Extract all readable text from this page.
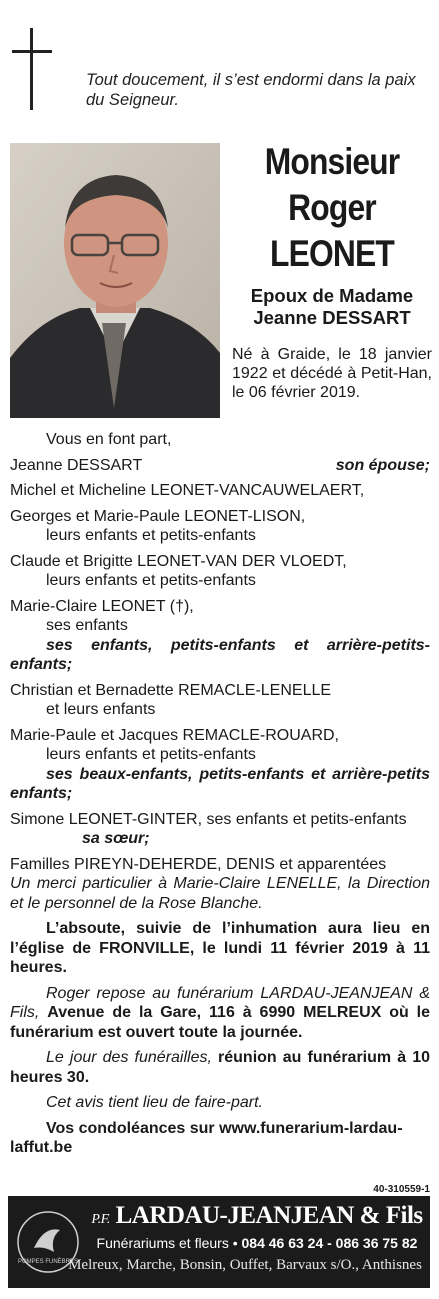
Tout doucement, il s’est endormi dans la paix du Seigneur.
Monsieur
Roger
LEONET
Epoux de Madame
Jeanne DESSART
Né à Graide, le 18 janvier 1922 et décédé à Petit-Han, le 06 février 2019.

Vous en font part,

Jeanne DESSART	son épouse;

Michel et Micheline LEONET-VANCAUWELAERT,

Georges et Marie-Paule LEONET-LISON,

leurs enfants et petits-enfants

Claude et Brigitte LEONET-VAN DER VLOEDT,

leurs enfants et petits-enfants

Marie-Claire LEONET (†),

ses enfants

ses enfants, petits-enfants et arrière-petits-enfants;

Christian et Bernadette REMACLE-LENELLE

et leurs enfants

Marie-Paule et Jacques REMACLE-ROUARD,

leurs enfants et petits-enfants

ses beaux-enfants, petits-enfants et arrière-petits enfants;

Simone LEONET-GINTER, ses enfants et petits-enfants

sa sœur;

Familles PIREYN-DEHERDE, DENIS et apparentées

Un merci particulier à Marie-Claire LENELLE, la Direction et le personnel de la Rose Blanche.

L’absoute, suivie de l’inhumation aura lieu en l’église de FRONVILLE, le lundi 11 février 2019 à 11 heures.

Roger repose au funérarium LARDAU-JEANJEAN & Fils, Avenue de la Gare, 116 à 6990 MELREUX où le funérarium est ouvert toute la journée.

Le jour des funérailles, réunion au funérarium à 10 heures 30.

Cet avis tient lieu de faire-part.

Vos condoléances sur www.funerarium-lardau-laffut.be

40-310559-1
POMPES FUNÈBRES
P.F. LARDAU-JEANJEAN & Fils
Funérariums et fleurs • 084 46 63 24 - 086 36 75 82
Melreux, Marche, Bonsin, Ouffet, Barvaux s/O., Anthisnes
